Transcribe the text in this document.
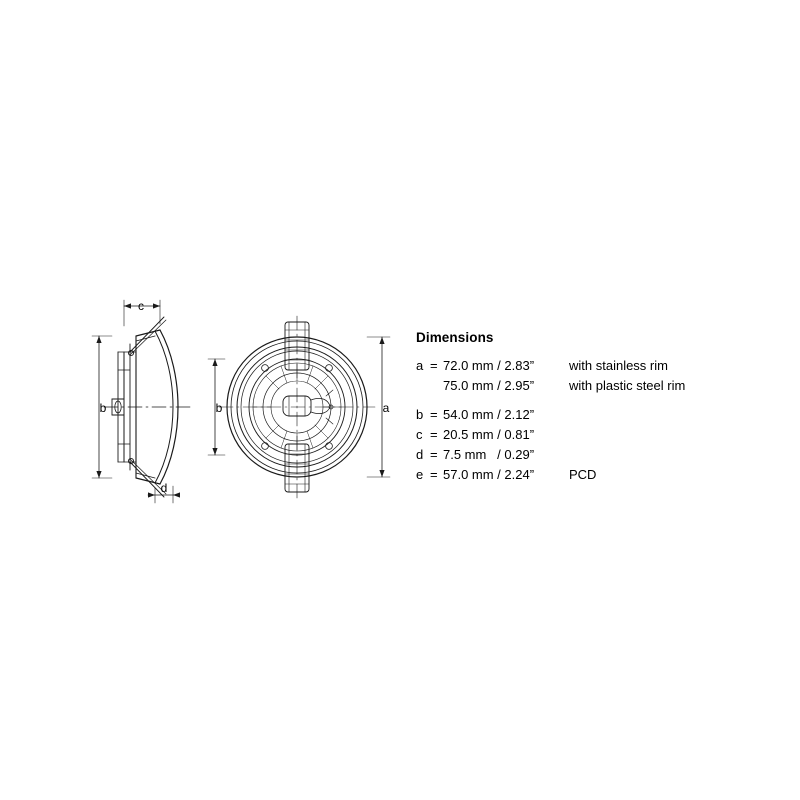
c
b
d
b	a
Dimensions
a = 72.0 mm / 2.83”	with stainless rim
75.0 mm / 2.95”	with plastic steel rim
b = 54.0 mm / 2.12”
c = 20.5 mm / 0.81”
d = 7.5 mm   / 0.29”
e = 57.0 mm / 2.24”	PCD
